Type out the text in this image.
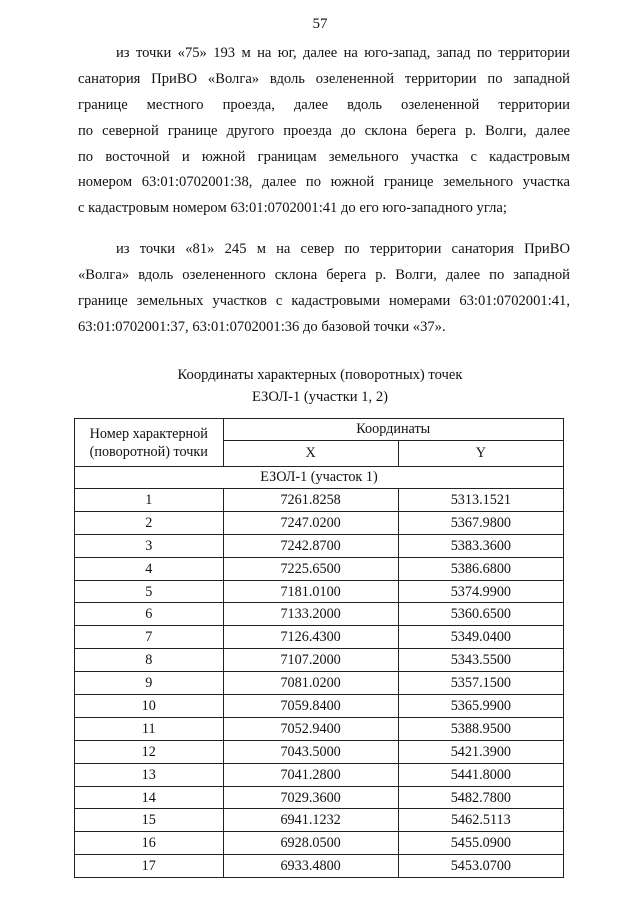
57
из точки «75» 193 м на юг, далее на юго-запад, запад по территории
санатория ПриВО «Волга» вдоль озелененной территории по западной
границе местного проезда, далее вдоль озелененной территории
по северной границе другого проезда до склона берега р. Волги, далее
по восточной и южной границам земельного участка с кадастровым
номером 63:01:0702001:38, далее по южной границе земельного участка
с кадастровым номером 63:01:0702001:41 до его юго-западного угла;
из точки «81» 245 м на север по территории санатория ПриВО
«Волга» вдоль озелененного склона берега р. Волги, далее по западной
границе земельных участков с кадастровыми номерами 63:01:0702001:41,
63:01:0702001:37, 63:01:0702001:36 до базовой точки «37».
Координаты характерных (поворотных) точек
ЕЗОЛ-1 (участки 1, 2)
Номер характерной
(поворотной) точки	Координаты	
	X	Y
ЕЗОЛ-1 (участок 1)		
1	7261.8258	5313.1521
2	7247.0200	5367.9800
3	7242.8700	5383.3600
4	7225.6500	5386.6800
5	7181.0100	5374.9900
6	7133.2000	5360.6500
7	7126.4300	5349.0400
8	7107.2000	5343.5500
9	7081.0200	5357.1500
10	7059.8400	5365.9900
11	7052.9400	5388.9500
12	7043.5000	5421.3900
13	7041.2800	5441.8000
14	7029.3600	5482.7800
15	6941.1232	5462.5113
16	6928.0500	5455.0900
17	6933.4800	5453.0700
